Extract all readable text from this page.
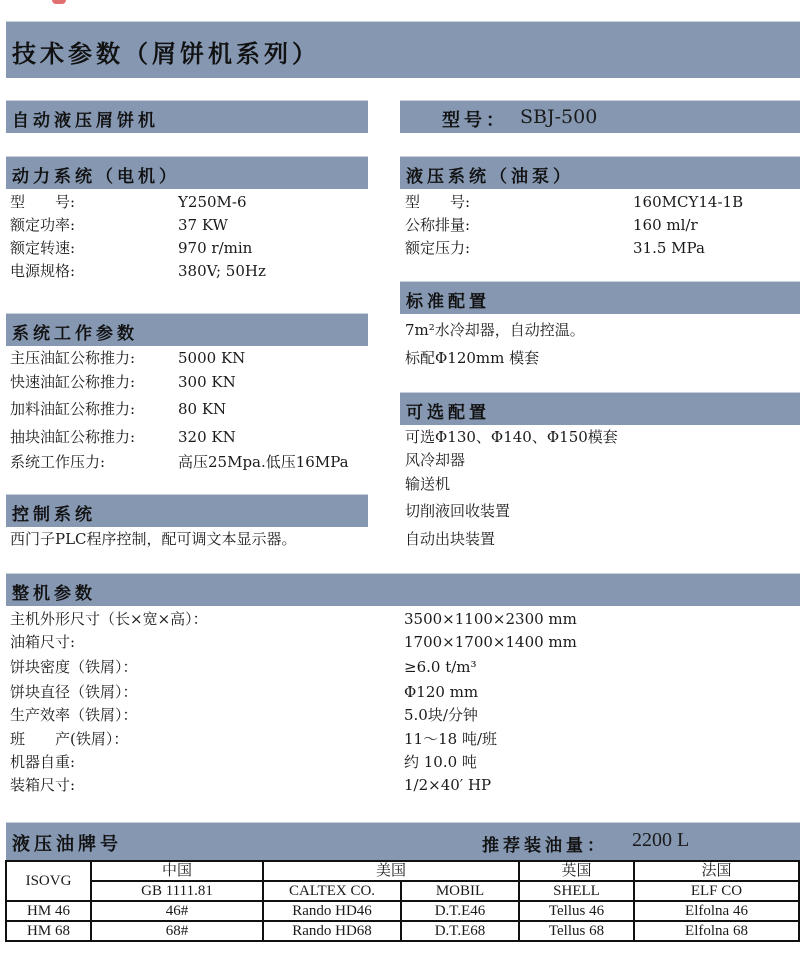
技术参数（屑饼机系列）
自动液压屑饼机	型号： SBJ-500
动力系统（电机）
型　　号:	Y250M-6
额定功率:	37 KW
额定转速:	970 r/min
电源规格:	380V; 50Hz
液压系统（油泵）
型　　号:	160MCY14-1B
公称排量:	160 ml/r
额定压力:	31.5 MPa
标准配置
7m²水冷却器，自动控温。
标配Φ120mm 模套
系统工作参数
主压油缸公称推力:	5000 KN
快速油缸公称推力:	300 KN
加料油缸公称推力:	80 KN
抽块油缸公称推力:	320 KN
系统工作压力:	高压25Mpa.低压16MPa
可选配置
可选Φ130、Φ140、Φ150模套
风冷却器
输送机
切削液回收装置
自动出块装置
控制系统
西门子PLC程序控制，配可调文本显示器。
整机参数
主机外形尺寸（长×宽×高）：	3500×1100×2300 mm
油箱尺寸:	1700×1700×1400 mm
饼块密度（铁屑）：	≥6.0 t/m³
饼块直径（铁屑）：	Φ120 mm
生产效率（铁屑）：	5.0块/分钟
班　　产(铁屑）：	11～18 吨/班
机器自重:	约 10.0 吨
装箱尺寸:	1/2×40′ HP
液压油牌号	推荐装油量： 2200 L
ISOVG	中国	美国		英国	法国
	GB 1111.81	CALTEX CO.	MOBIL	SHELL	ELF CO
HM 46	46#	Rando HD46	D.T.E46	Tellus 46	Elfolna 46
HM 68	68#	Rando HD68	D.T.E68	Tellus 68	Elfolna 68
